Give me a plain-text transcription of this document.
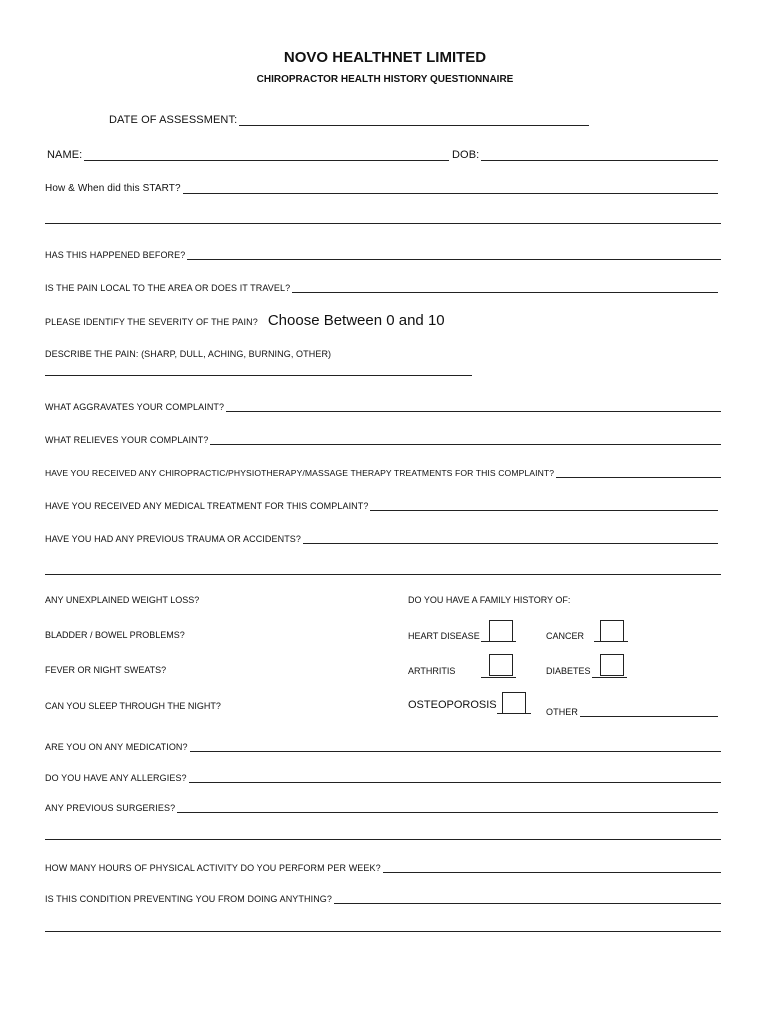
NOVO HEALTHNET LIMITED
CHIROPRACTOR HEALTH HISTORY QUESTIONNAIRE
DATE OF ASSESSMENT:
NAME:	DOB:
How & When did this START?
HAS THIS HAPPENED BEFORE?
IS THE PAIN LOCAL TO THE AREA OR DOES IT TRAVEL?
PLEASE IDENTIFY THE SEVERITY OF THE PAIN? Choose Between 0 and 10
DESCRIBE THE PAIN: (SHARP, DULL, ACHING, BURNING, OTHER)
WHAT AGGRAVATES YOUR COMPLAINT?
WHAT RELIEVES YOUR COMPLAINT?
HAVE YOU RECEIVED ANY CHIROPRACTIC/PHYSIOTHERAPY/MASSAGE THERAPY TREATMENTS FOR THIS COMPLAINT?
HAVE YOU RECEIVED ANY MEDICAL TREATMENT FOR THIS COMPLAINT?
HAVE YOU HAD ANY PREVIOUS TRAUMA OR ACCIDENTS?
ANY UNEXPLAINED WEIGHT LOSS?
BLADDER / BOWEL PROBLEMS?
FEVER OR NIGHT SWEATS?
CAN YOU SLEEP THROUGH THE NIGHT?
DO YOU HAVE A FAMILY HISTORY OF:
HEART DISEASE	CANCER
ARTHRITIS	DIABETES
OSTEOPOROSIS
OTHER
ARE YOU ON ANY MEDICATION?
DO YOU HAVE ANY ALLERGIES?
ANY PREVIOUS SURGERIES?
HOW MANY HOURS OF PHYSICAL ACTIVITY DO YOU PERFORM PER WEEK?
IS THIS CONDITION PREVENTING YOU FROM DOING ANYTHING?
